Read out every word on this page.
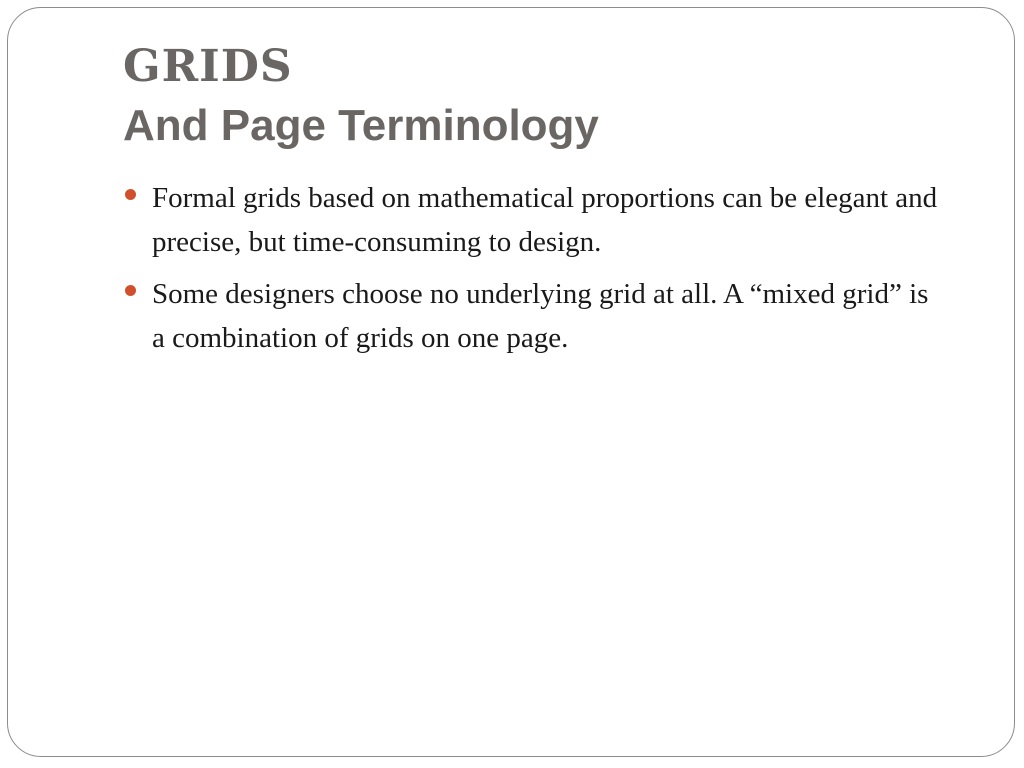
GRIDS
And Page Terminology
Formal grids based on mathematical proportions can be elegant and precise, but time-consuming to design.
Some designers choose no underlying grid at all. A “mixed grid” is a combination of grids on one page.
